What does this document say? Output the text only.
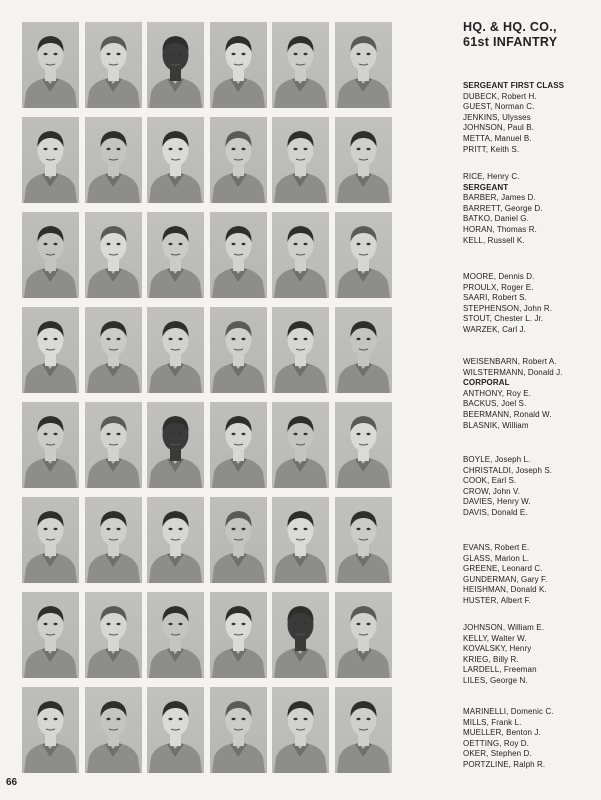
HQ. & HQ. CO.,
61st INFANTRY
SERGEANT FIRST CLASS
DUBECK, Robert H.
GUEST, Norman C.
JENKINS, Ulysses
JOHNSON, Paul B.
METTA, Manuel B.
PRITT, Keith S.
RICE, Henry C.
SERGEANT
BARBER, James D.
BARRETT, George D.
BATKO, Daniel G.
HORAN, Thomas R.
KELL, Russell K.
MOORE, Dennis D.
PROULX, Roger E.
SAARI, Robert S.
STEPHENSON, John R.
STOUT, Chester L. Jr.
WARZEK, Carl J.
WEISENBARN, Robert A.
WILSTERMANN, Donald J.
CORPORAL
ANTHONY, Roy E.
BACKUS, Joel S.
BEERMANN, Ronald W.
BLASNIK, William
BOYLE, Joseph L.
CHRISTALDI, Joseph S.
COOK, Earl S.
CROW, John V.
DAVIES, Henry W.
DAVIS, Donald E.
EVANS, Robert E.
GLASS, Marion L.
GREENE, Leonard C.
GUNDERMAN, Gary F.
HEISHMAN, Donald K.
HUSTER, Albert F.
JOHNSON, William E.
KELLY, Walter W.
KOVALSKY, Henry
KRIEG, Billy R.
LARDELL, Freeman
LILES, George N.
MARINELLI, Domenic C.
MILLS, Frank L.
MUELLER, Benton J.
OETTING, Roy D.
OKER, Stephen D.
PORTZLINE, Ralph R.
66
